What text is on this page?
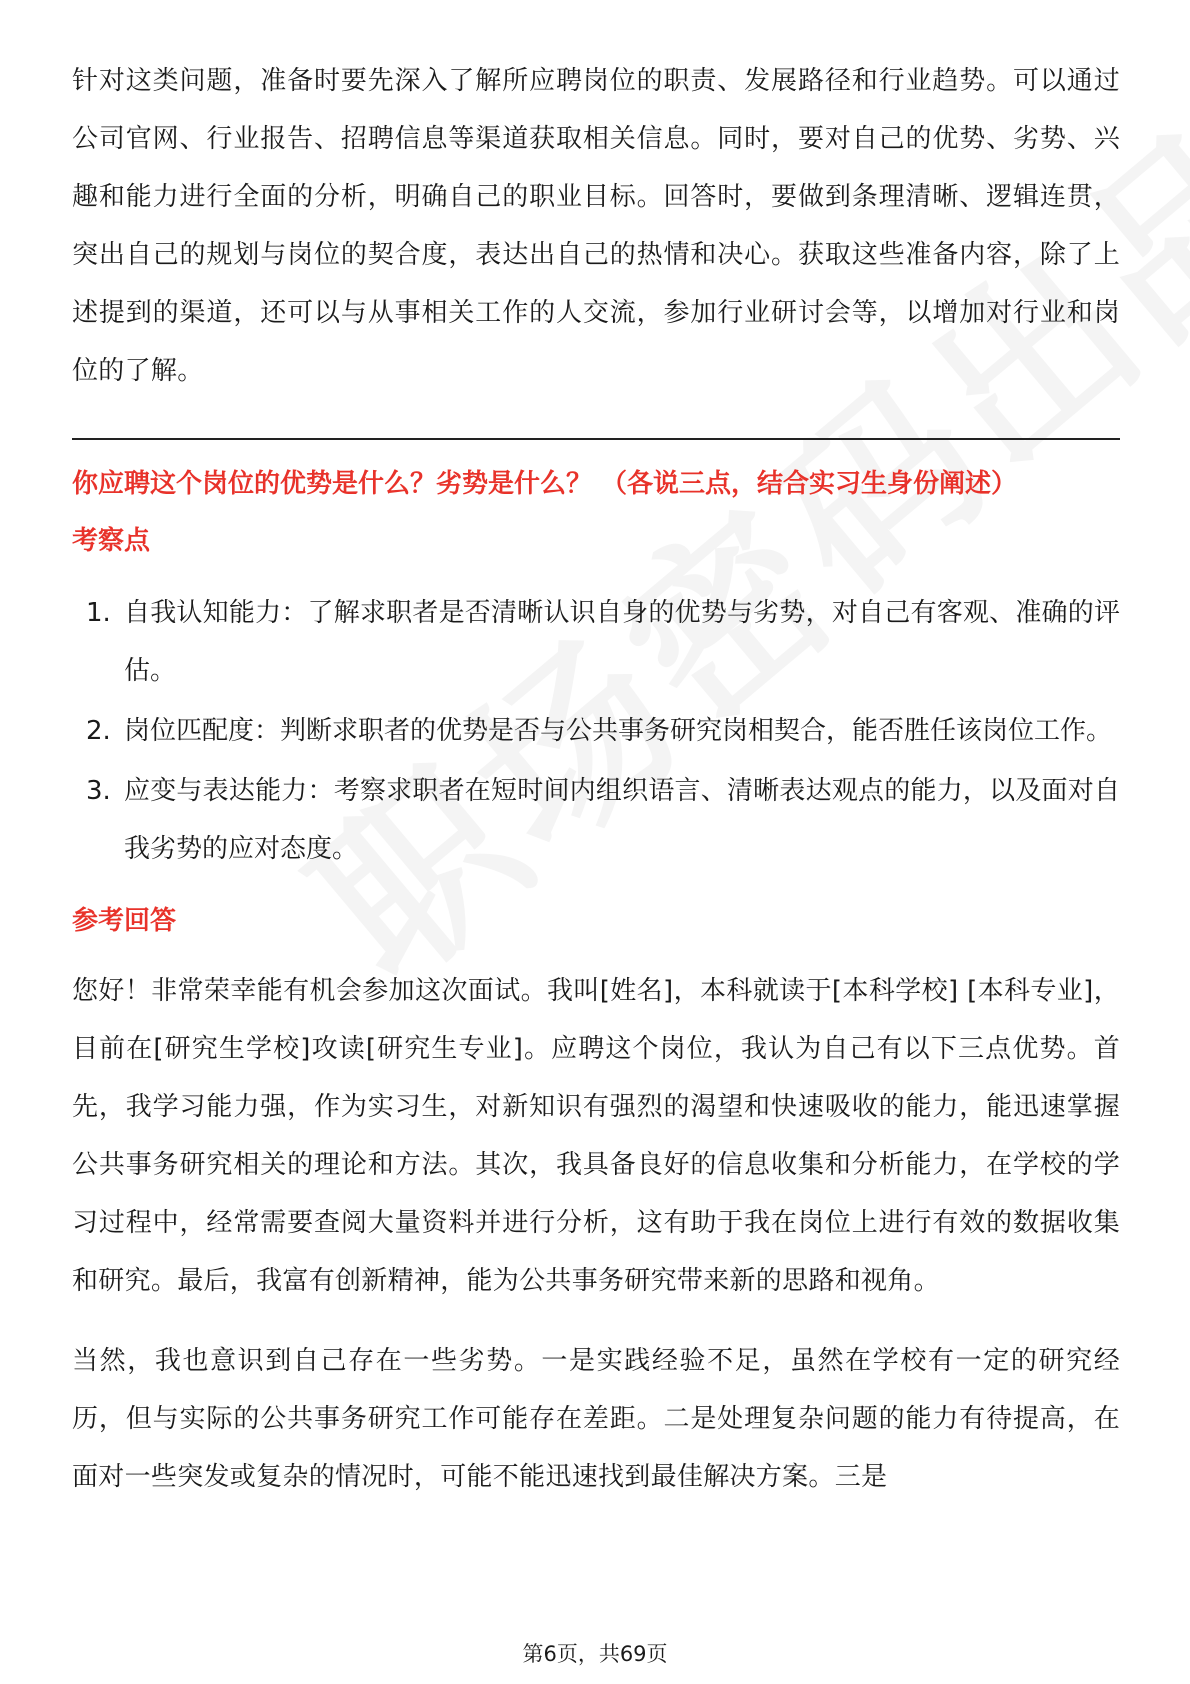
针对这类问题，准备时要先深入了解所应聘岗位的职责、发展路径和行业趋势。可以通过公司官网、行业报告、招聘信息等渠道获取相关信息。同时，要对自己的优势、劣势、兴趣和能力进行全面的分析，明确自己的职业目标。回答时，要做到条理清晰、逻辑连贯，突出自己的规划与岗位的契合度，表达出自己的热情和决心。获取这些准备内容，除了上述提到的渠道，还可以与从事相关工作的人交流，参加行业研讨会等，以增加对行业和岗位的了解。

你应聘这个岗位的优势是什么？劣势是什么？ （各说三点，结合实习生身份阐述）

考察点

1. 自我认知能力：了解求职者是否清晰认识自身的优势与劣势，对自己有客观、准确的评估。
2. 岗位匹配度：判断求职者的优势是否与公共事务研究岗相契合，能否胜任该岗位工作。
3. 应变与表达能力：考察求职者在短时间内组织语言、清晰表达观点的能力，以及面对自我劣势的应对态度。

参考回答

您好！非常荣幸能有机会参加这次面试。我叫[姓名]，本科就读于[本科学校] [本科专业]，目前在[研究生学校]攻读[研究生专业]。应聘这个岗位，我认为自己有以下三点优势。首先，我学习能力强，作为实习生，对新知识有强烈的渴望和快速吸收的能力，能迅速掌握公共事务研究相关的理论和方法。其次，我具备良好的信息收集和分析能力，在学校的学习过程中，经常需要查阅大量资料并进行分析，这有助于我在岗位上进行有效的数据收集和研究。最后，我富有创新精神，能为公共事务研究带来新的思路和视角。

当然，我也意识到自己存在一些劣势。一是实践经验不足，虽然在学校有一定的研究经历，但与实际的公共事务研究工作可能存在差距。二是处理复杂问题的能力有待提高，在面对一些突发或复杂的情况时，可能不能迅速找到最佳解决方案。三是

第6页，共69页
